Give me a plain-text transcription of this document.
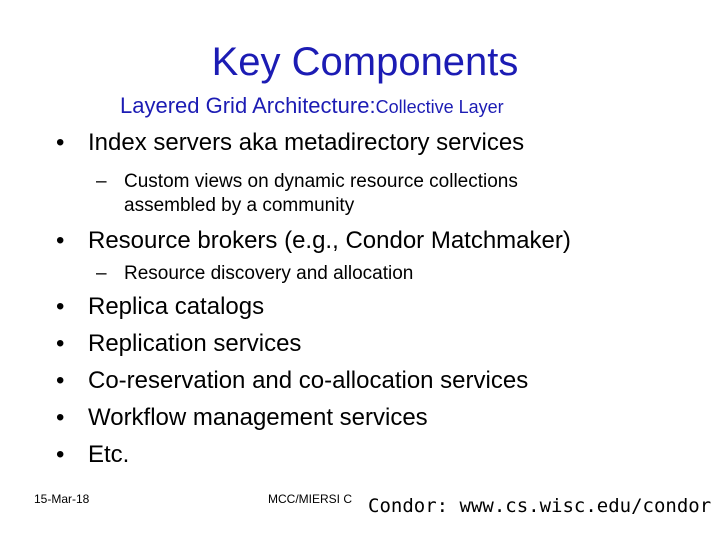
Key Components
Layered Grid Architecture:Collective Layer
• Index servers aka metadirectory services
– Custom views on dynamic resource collections
assembled by a community
• Resource brokers (e.g., Condor Matchmaker)
– Resource discovery and allocation
• Replica catalogs
• Replication services
• Co-reservation and co-allocation services
• Workflow management services
• Etc.
15-Mar-18	MCC/MIERSI C Condor: www.cs.wisc.edu/condor
